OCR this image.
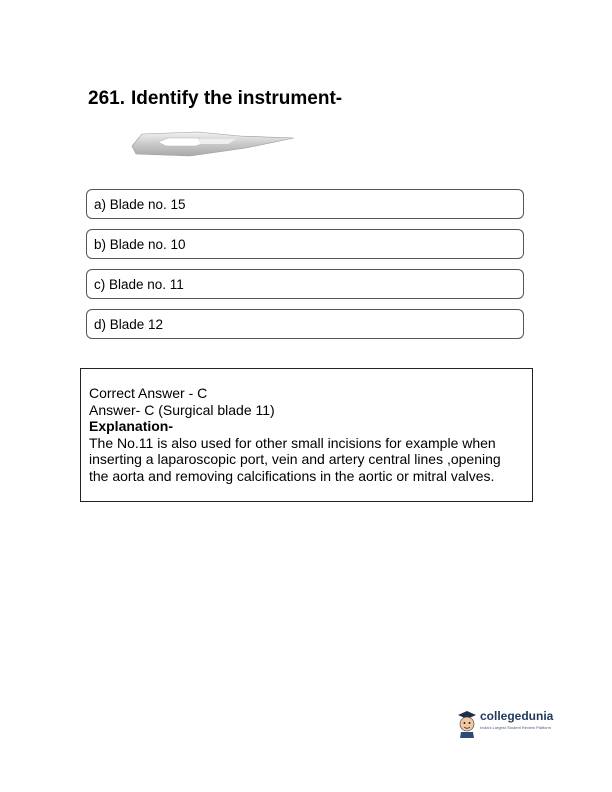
261. Identify the instrument-
a) Blade no. 15
b) Blade no. 10
c) Blade no. 11
d) Blade 12

Correct Answer - C

Answer- C (Surgical blade 11)

Explanation-

The No.11 is also used for other small incisions for example when inserting a laparoscopic port, vein and artery central lines ,opening the aorta and removing calcifications in the aortic or mitral valves.

collegedunia
India's Largest Student Review Platform
